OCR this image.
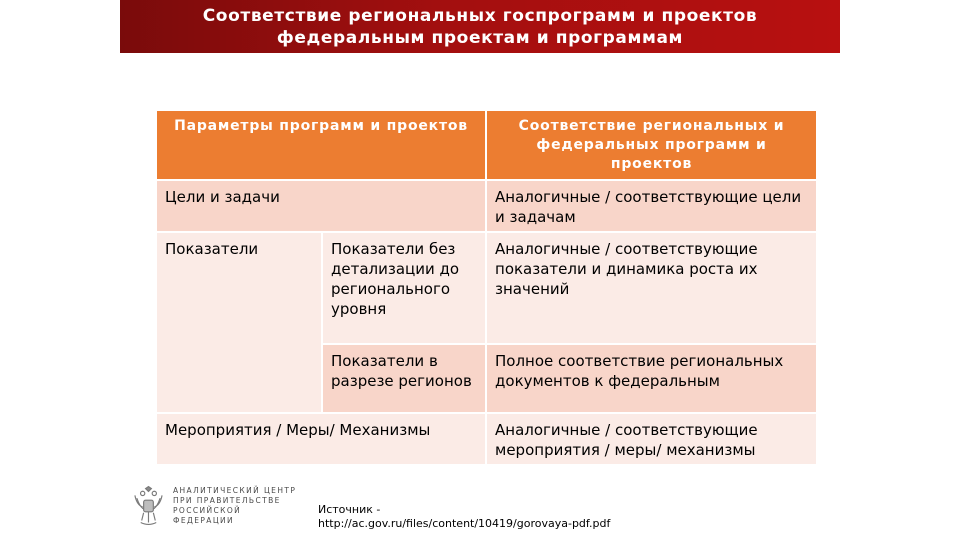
Соответствие региональных госпрограмм и проектов
федеральным проектам и программам
Параметры программ и проектов		Соответствие региональных и федеральных программ и проектов
Цели и задачи		Аналогичные / соответствующие цели и задачам
Показатели	Показатели без детализации до регионального уровня	Аналогичные / соответствующие показатели и динамика роста их значений
	Показатели в разрезе регионов	Полное соответствие региональных документов к федеральным
Мероприятия / Меры/ Механизмы		Аналогичные / соответствующие мероприятия / меры/ механизмы
АНАЛИТИЧЕСКИЙ ЦЕНТР
ПРИ ПРАВИТЕЛЬСТВЕ
РОССИЙСКОЙ ФЕДЕРАЦИИ
Источник -
http://ac.gov.ru/files/content/10419/gorovaya-pdf.pdf
